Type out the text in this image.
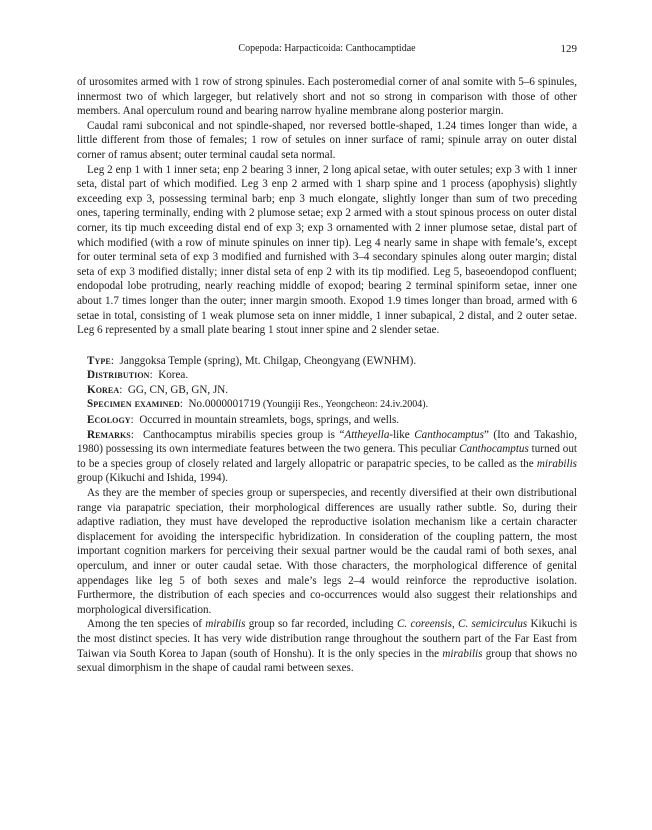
Copepoda: Harpacticoida: Canthocamptidae	129

of urosomites armed with 1 row of strong spinules. Each posteromedial corner of anal somite with 5–6 spinules, innermost two of which largeger, but relatively short and not so strong in comparison with those of other members. Anal operculum round and bearing narrow hyaline membrane along posterior margin.

Caudal rami subconical and not spindle-shaped, nor reversed bottle-shaped, 1.24 times longer than wide, a little different from those of females; 1 row of setules on inner surface of rami; spinule array on outer distal corner of ramus absent; outer terminal caudal seta normal.

Leg 2 enp 1 with 1 inner seta; enp 2 bearing 3 inner, 2 long apical setae, with outer setules; exp 3 with 1 inner seta, distal part of which modified. Leg 3 enp 2 armed with 1 sharp spine and 1 process (apophysis) slightly exceeding exp 3, possessing terminal barb; enp 3 much elongate, slightly longer than sum of two preceding ones, tapering terminally, ending with 2 plumose setae; exp 2 armed with a stout spinous process on outer distal corner, its tip much exceeding distal end of exp 3; exp 3 ornamented with 2 inner plumose setae, distal part of which modified (with a row of minute spinules on inner tip). Leg 4 nearly same in shape with female’s, except for outer terminal seta of exp 3 modified and furnished with 3–4 secondary spinules along outer margin; distal seta of exp 3 modified distally; inner distal seta of enp 2 with its tip modified. Leg 5, baseoendopod confluent; endopodal lobe protruding, nearly reaching middle of exopod; bearing 2 terminal spiniform setae, inner one about 1.7 times longer than the outer; inner margin smooth. Exopod 1.9 times longer than broad, armed with 6 setae in total, consisting of 1 weak plumose seta on inner middle, 1 inner subapical, 2 distal, and 2 outer setae. Leg 6 represented by a small plate bearing 1 stout inner spine and 2 slender setae.

Type:  Janggoksa Temple (spring), Mt. Chilgap, Cheongyang (EWNHM).

Distribution:  Korea.

Korea:  GG, CN, GB, GN, JN.

Specimen examined:  No.0000001719 (Youngiji Res., Yeongcheon: 24.iv.2004).

Ecology:  Occurred in mountain streamlets, bogs, springs, and wells.

Remarks:  Canthocamptus mirabilis species group is “Attheyella-like Canthocamptus” (Ito and Takashio, 1980) possessing its own intermediate features between the two genera. This peculiar Canthocamptus turned out to be a species group of closely related and largely allopatric or parapatric species, to be called as the mirabilis group (Kikuchi and Ishida, 1994).

As they are the member of species group or superspecies, and recently diversified at their own distributional range via parapatric speciation, their morphological differences are usually rather subtle. So, during their adaptive radiation, they must have developed the reproductive isolation mechanism like a certain character displacement for avoiding the interspecific hybridization. In consideration of the coupling pattern, the most important cognition markers for perceiving their sexual partner would be the caudal rami of both sexes, anal operculum, and inner or outer caudal setae. With those characters, the morphological difference of genital appendages like leg 5 of both sexes and male’s legs 2–4 would reinforce the reproductive isolation. Furthermore, the distribution of each species and co-occurrences would also suggest their relationships and morphological diversification.

Among the ten species of mirabilis group so far recorded, including C. coreensis, C. semicirculus Kikuchi is the most distinct species. It has very wide distribution range throughout the southern part of the Far East from Taiwan via South Korea to Japan (south of Honshu). It is the only species in the mirabilis group that shows no sexual dimorphism in the shape of caudal rami between sexes.
